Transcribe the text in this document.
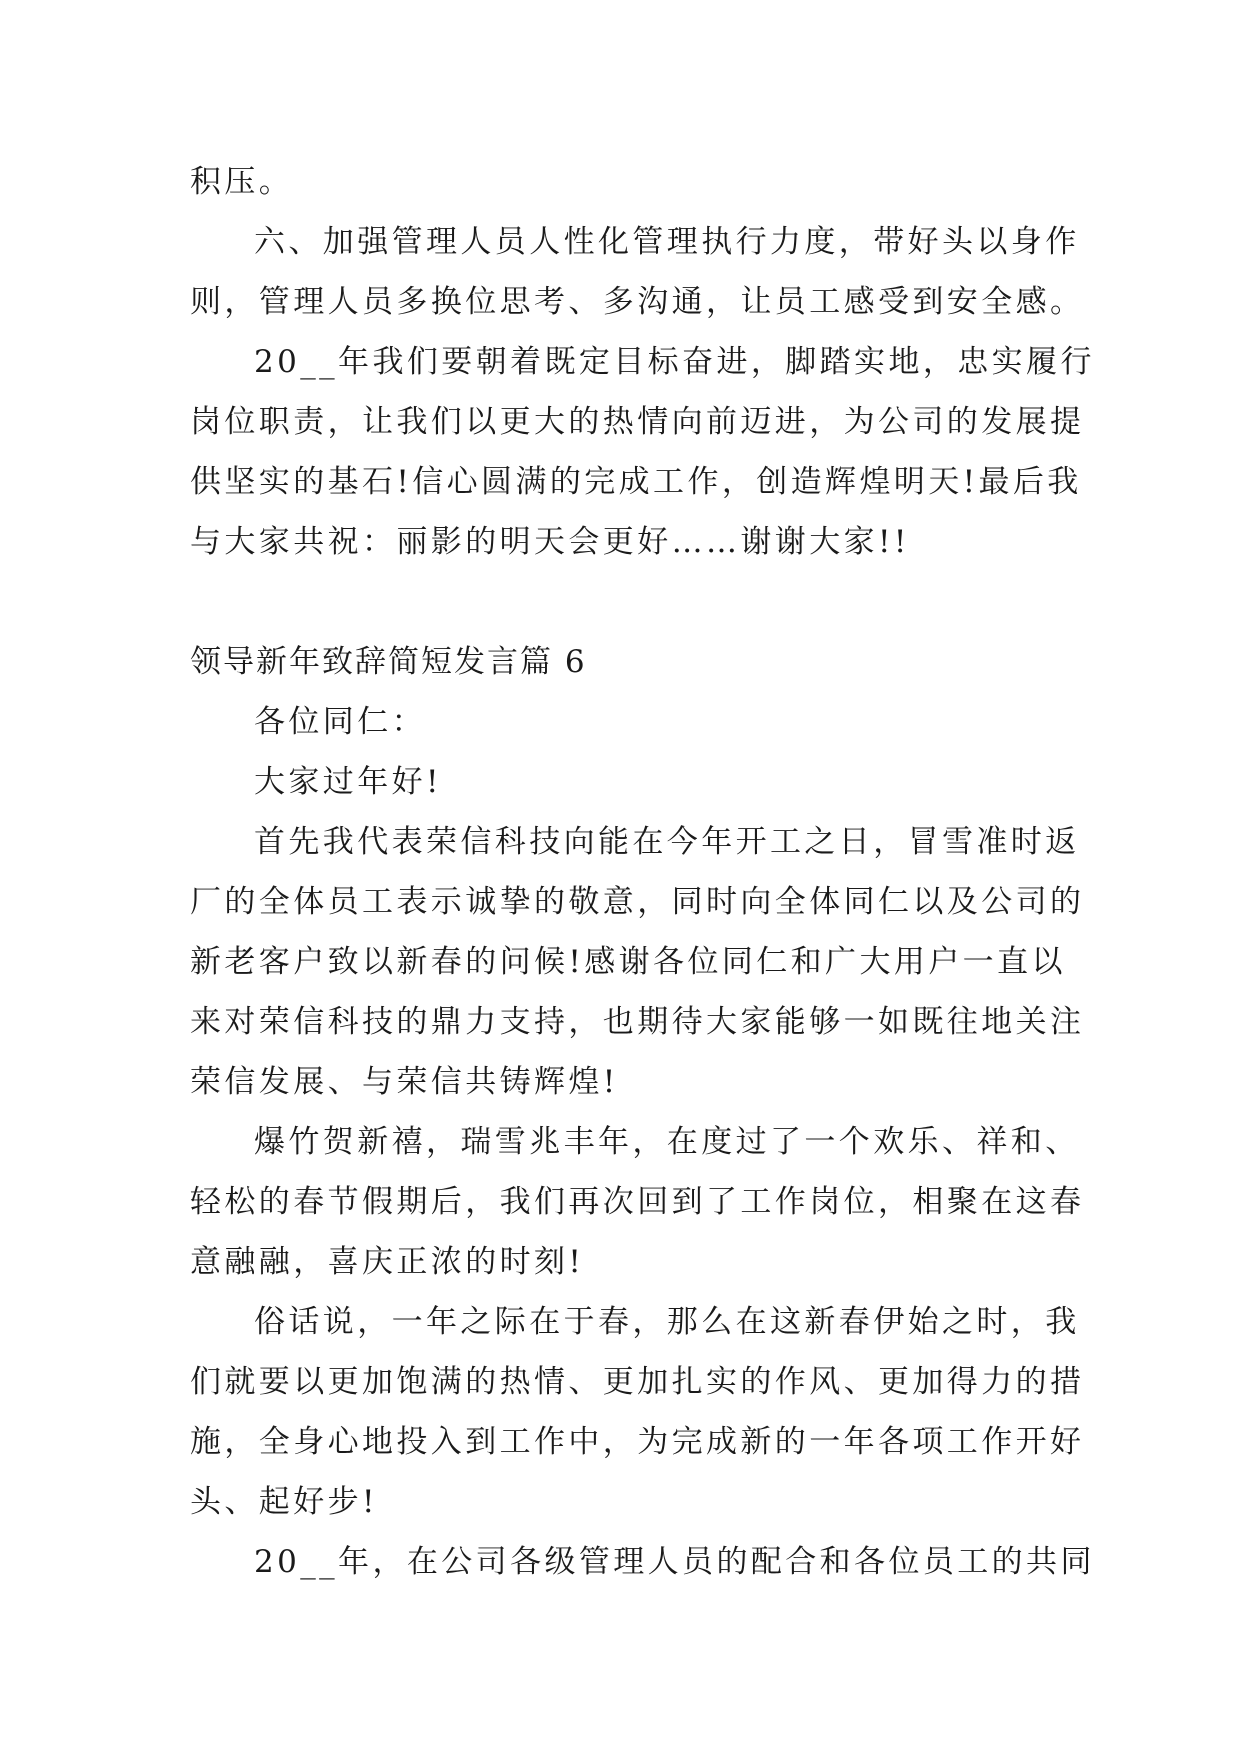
积压。
六、加强管理人员人性化管理执行力度，带好头以身作
则，管理人员多换位思考、多沟通，让员工感受到安全感。
20__年我们要朝着既定目标奋进，脚踏实地，忠实履行
岗位职责，让我们以更大的热情向前迈进，为公司的发展提
供坚实的基石!信心圆满的完成工作，创造辉煌明天!最后我
与大家共祝：丽影的明天会更好……谢谢大家!!
领导新年致辞简短发言篇 6
各位同仁：
大家过年好!
首先我代表荣信科技向能在今年开工之日，冒雪准时返
厂的全体员工表示诚挚的敬意，同时向全体同仁以及公司的
新老客户致以新春的问候!感谢各位同仁和广大用户一直以
来对荣信科技的鼎力支持，也期待大家能够一如既往地关注
荣信发展、与荣信共铸辉煌!
爆竹贺新禧，瑞雪兆丰年，在度过了一个欢乐、祥和、
轻松的春节假期后，我们再次回到了工作岗位，相聚在这春
意融融，喜庆正浓的时刻!
俗话说，一年之际在于春，那么在这新春伊始之时，我
们就要以更加饱满的热情、更加扎实的作风、更加得力的措
施，全身心地投入到工作中，为完成新的一年各项工作开好
头、起好步!
20__年，在公司各级管理人员的配合和各位员工的共同
